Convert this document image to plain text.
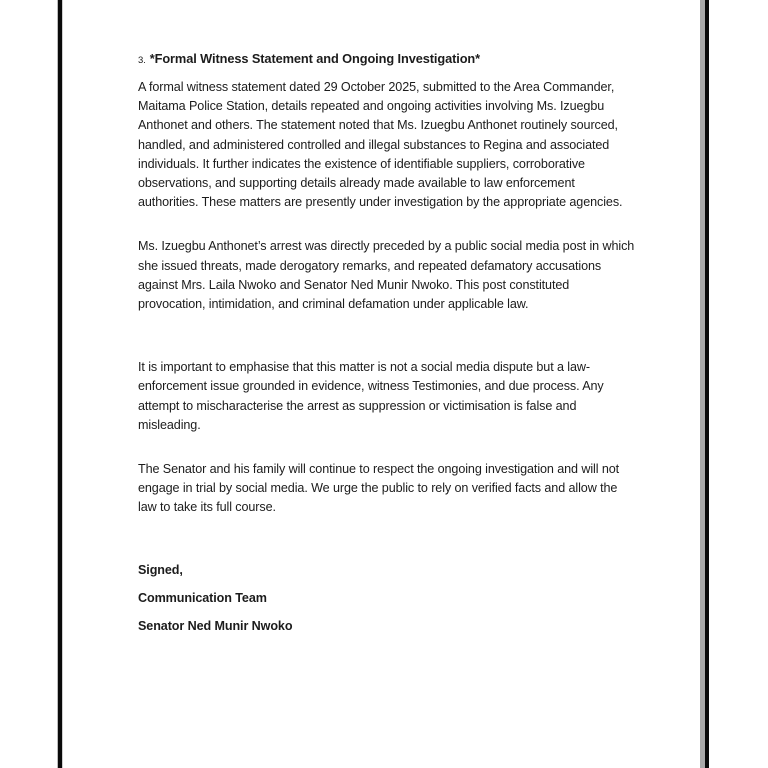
3. *Formal Witness Statement and Ongoing Investigation*

A formal witness statement dated 29 October 2025, submitted to the Area Commander, Maitama Police Station, details repeated and ongoing activities involving Ms. Izuegbu Anthonet and others. The statement noted that Ms. Izuegbu Anthonet routinely sourced, handled, and administered controlled and illegal substances to Regina and associated individuals. It further indicates the existence of identifiable suppliers, corroborative observations, and supporting details already made available to law enforcement authorities. These matters are presently under investigation by the appropriate agencies.

Ms. Izuegbu Anthonet’s arrest was directly preceded by a public social media post in which she issued threats, made derogatory remarks, and repeated defamatory accusations against Mrs. Laila Nwoko and Senator Ned Munir Nwoko. This post constituted provocation, intimidation, and criminal defamation under applicable law.

It is important to emphasise that this matter is not a social media dispute but a law-enforcement issue grounded in evidence, witness Testimonies, and due process. Any attempt to mischaracterise the arrest as suppression or victimisation is false and misleading.

The Senator and his family will continue to respect the ongoing investigation and will not engage in trial by social media. We urge the public to rely on verified facts and allow the law to take its full course.

Signed,
Communication Team
Senator Ned Munir Nwoko
